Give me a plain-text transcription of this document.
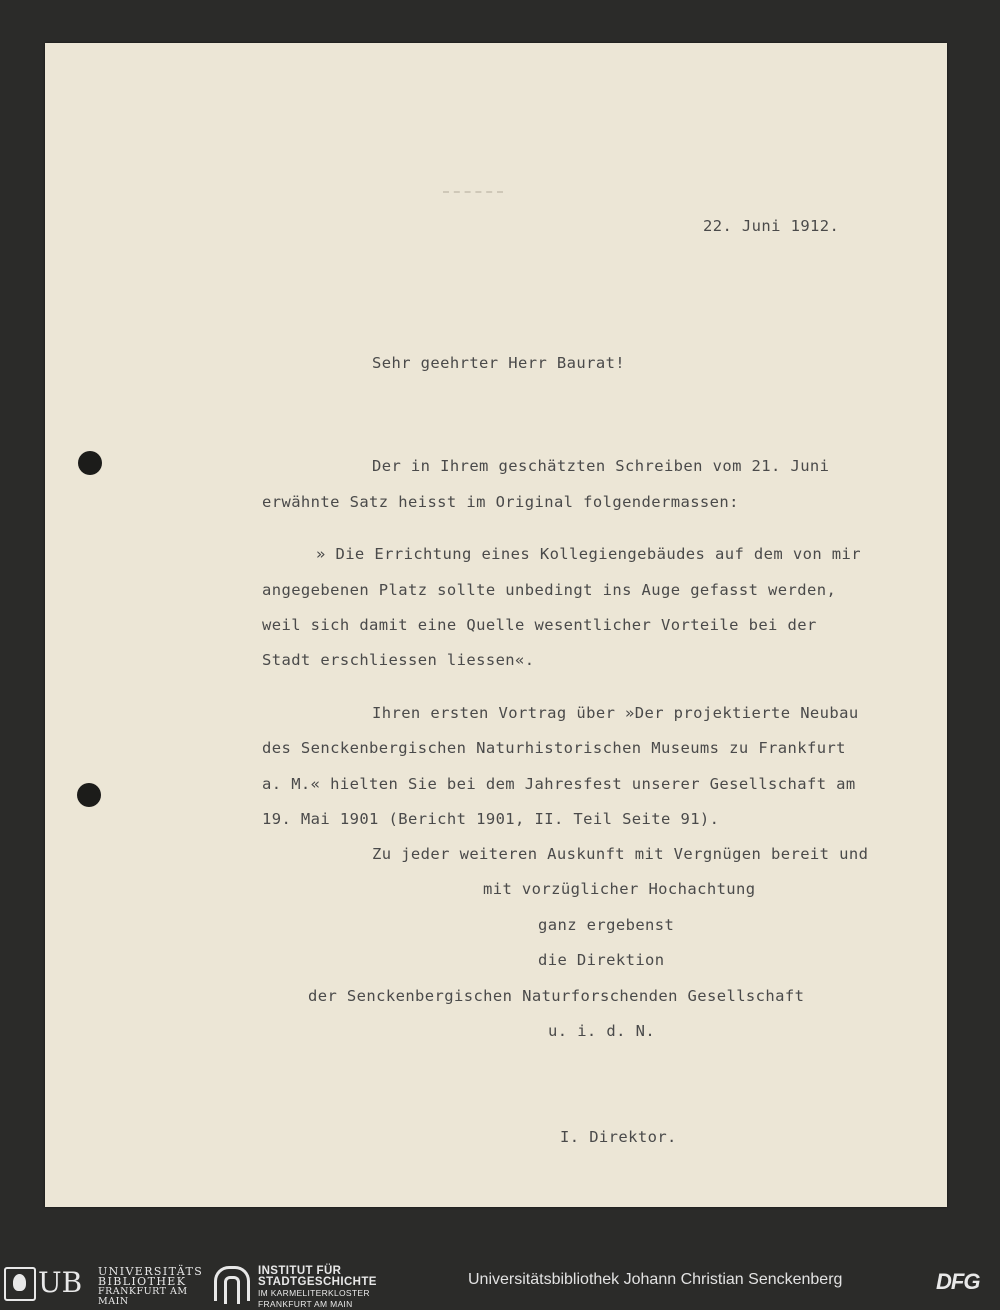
22. Juni 1912.
Sehr geehrter Herr Baurat!
Der in Ihrem geschätzten Schreiben vom 21. Juni
erwähnte Satz heisst im Original folgendermassen:
» Die Errichtung eines Kollegiengebäudes auf dem von mir
angegebenen Platz sollte unbedingt ins Auge gefasst werden,
weil sich damit eine Quelle wesentlicher Vorteile bei der
Stadt erschliessen liessen«.
Ihren ersten Vortrag über »Der projektierte Neubau
des Senckenbergischen Naturhistorischen Museums zu Frankfurt
a. M.« hielten Sie bei dem Jahresfest unserer Gesellschaft am
19. Mai 1901 (Bericht 1901, II. Teil Seite 91).
Zu jeder weiteren Auskunft mit Vergnügen bereit und
mit vorzüglicher Hochachtung
ganz ergebenst
die Direktion
der Senckenbergischen Naturforschenden Gesellschaft
u. i. d. N.
I. Direktor.
UB UNIVERSITÄTS
BIBLIOTHEK
FRANKFURT AM MAIN
INSTITUT FÜR
STADTGESCHICHTE
IM KARMELITERKLOSTER
FRANKFURT AM MAIN
Universitätsbibliothek Johann Christian Senckenberg	DFG
